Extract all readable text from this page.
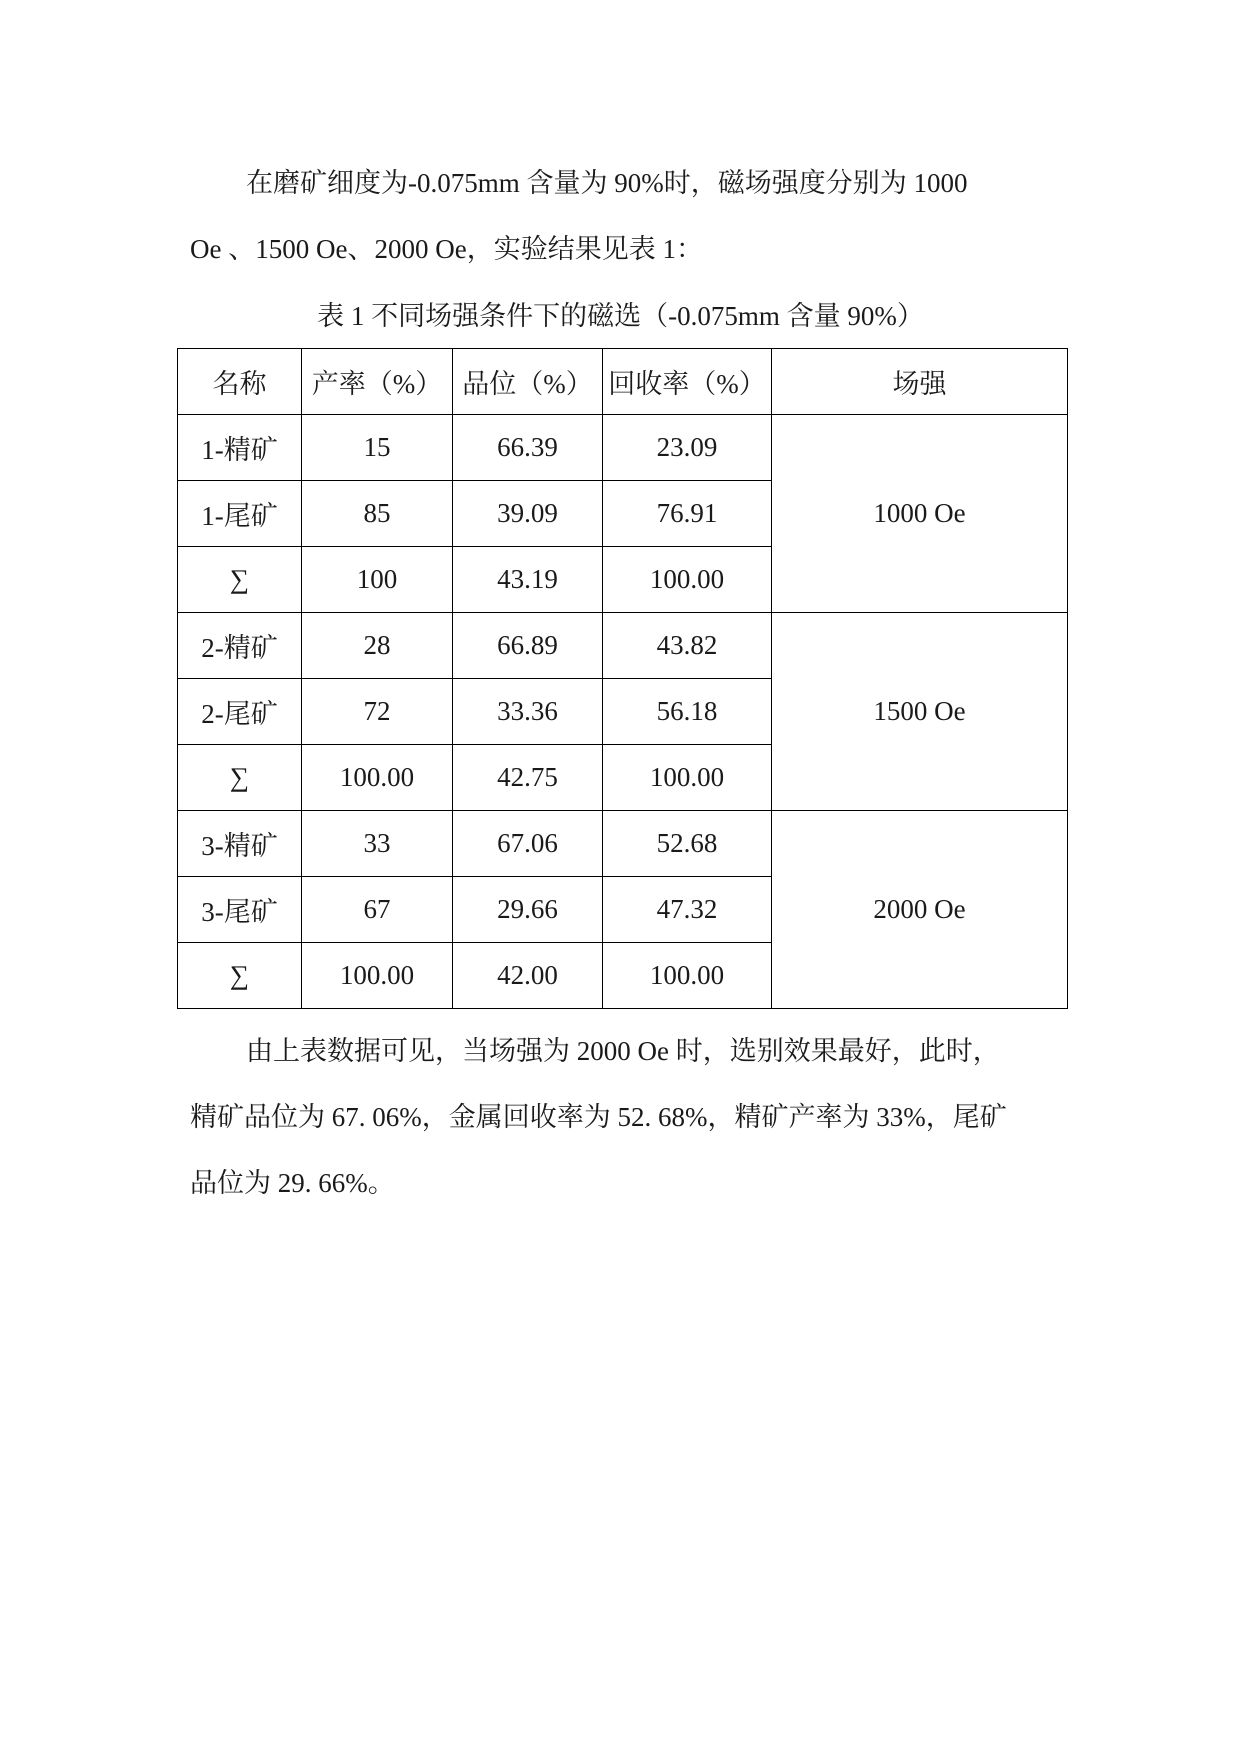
在磨矿细度为-0.075mm 含量为 90%时，磁场强度分别为 1000
Oe 、1500 Oe、2000 Oe，实验结果见表 1：

表 1 不同场强条件下的磁选（-0.075mm 含量 90%）
名称	产率（%）	品位（%）	回收率（%）	场强
1-精矿	15	66.39	23.09	1000 Oe
1-尾矿	85	39.09	76.91	
∑	100	43.19	100.00	
2-精矿	28	66.89	43.82	1500 Oe
2-尾矿	72	33.36	56.18	
∑	100.00	42.75	100.00	
3-精矿	33	67.06	52.68	2000 Oe
3-尾矿	67	29.66	47.32	
∑	100.00	42.00	100.00	

由上表数据可见，当场强为 2000 Oe 时，选别效果最好，此时，
精矿品位为 67. 06%，金属回收率为 52. 68%，精矿产率为 33%，尾矿
品位为 29. 66%。
